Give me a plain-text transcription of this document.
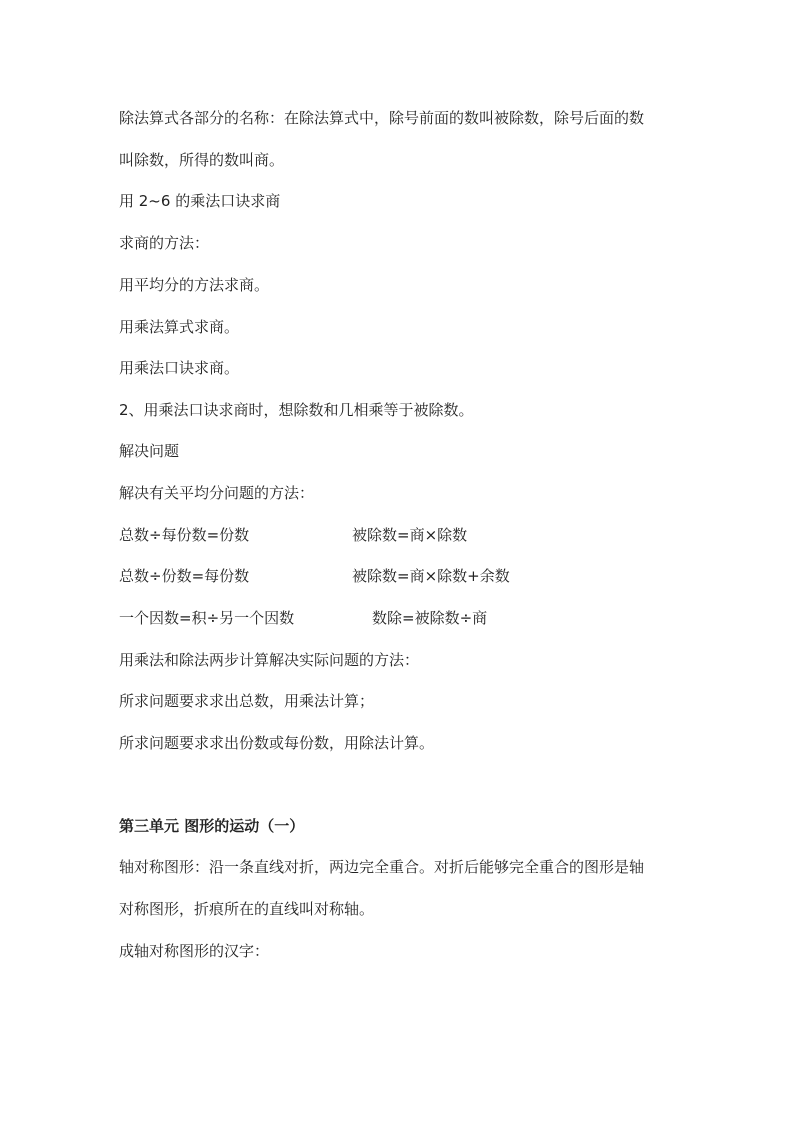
除法算式各部分的名称：在除法算式中，除号前面的数叫被除数，除号后面的数
叫除数，所得的数叫商。
用 2~6 的乘法口诀求商
求商的方法：
用平均分的方法求商。
用乘法算式求商。
用乘法口诀求商。
2、用乘法口诀求商时，想除数和几相乘等于被除数。
解决问题
解决有关平均分问题的方法：
总数÷每份数=份数	被除数=商×除数
总数÷份数=每份数	被除数=商×除数+余数
一个因数=积÷另一个因数	数除=被除数÷商
用乘法和除法两步计算解决实际问题的方法：
所求问题要求求出总数，用乘法计算；
所求问题要求求出份数或每份数，用除法计算。
第三单元 图形的运动（一）
轴对称图形：沿一条直线对折，两边完全重合。对折后能够完全重合的图形是轴
对称图形，折痕所在的直线叫对称轴。
成轴对称图形的汉字：
